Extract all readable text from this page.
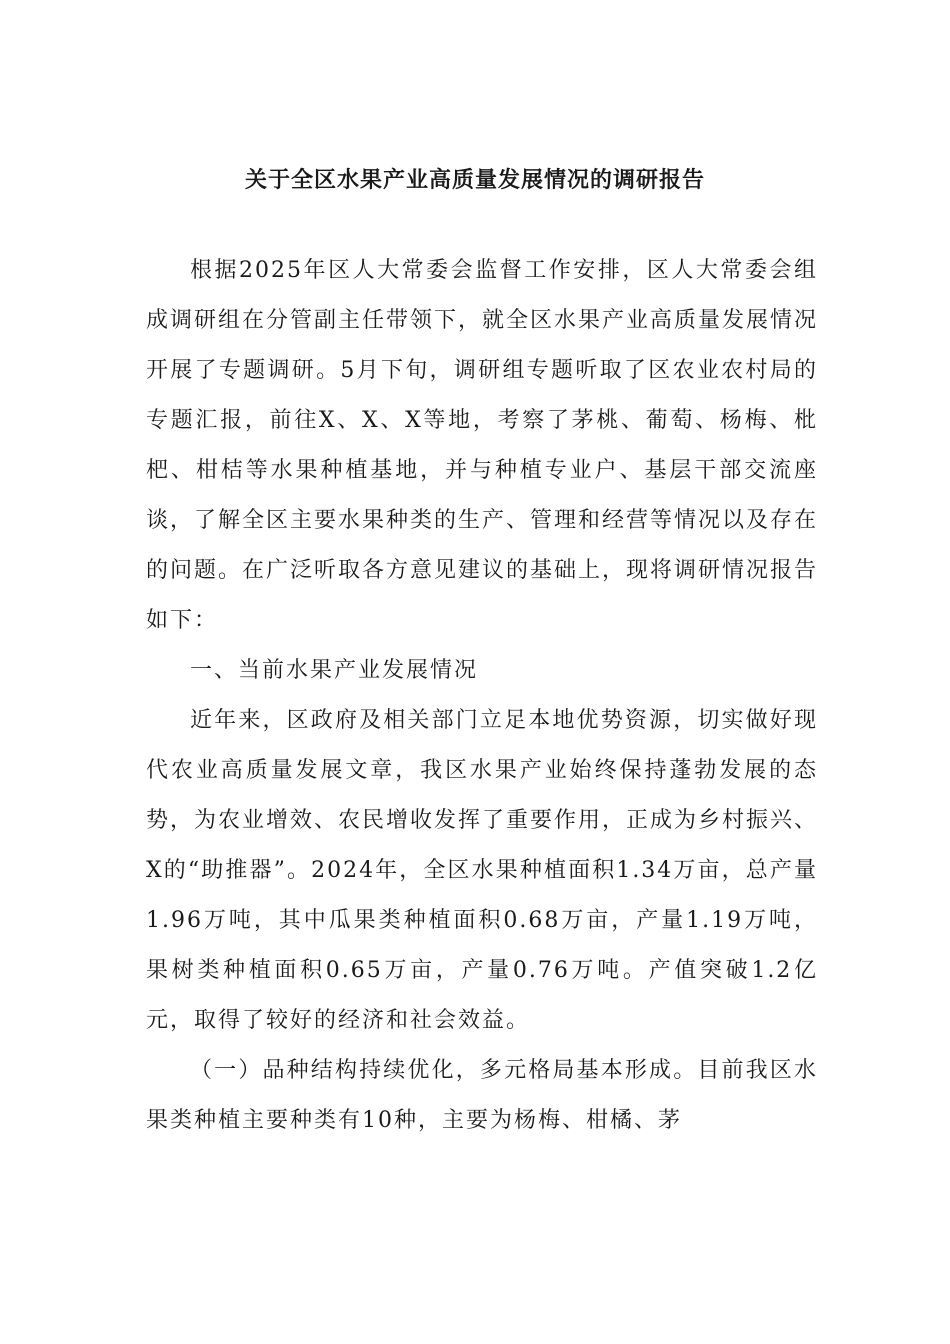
关于全区水果产业高质量发展情况的调研报告

根据2025年区人大常委会监督工作安排，区人大常委会组成调研组在分管副主任带领下，就全区水果产业高质量发展情况开展了专题调研。5月下旬，调研组专题听取了区农业农村局的专题汇报，前往X、X、X等地，考察了茅桃、葡萄、杨梅、枇杷、柑桔等水果种植基地，并与种植专业户、基层干部交流座谈，了解全区主要水果种类的生产、管理和经营等情况以及存在的问题。在广泛听取各方意见建议的基础上，现将调研情况报告如下：

一、当前水果产业发展情况

近年来，区政府及相关部门立足本地优势资源，切实做好现代农业高质量发展文章，我区水果产业始终保持蓬勃发展的态势，为农业增效、农民增收发挥了重要作用，正成为乡村振兴、X的“助推器”。2024年，全区水果种植面积1.34万亩，总产量1.96万吨，其中瓜果类种植面积0.68万亩，产量1.19万吨，果树类种植面积0.65万亩，产量0.76万吨。产值突破1.2亿元，取得了较好的经济和社会效益。

（一）品种结构持续优化，多元格局基本形成。目前我区水果类种植主要种类有10种，主要为杨梅、柑橘、茅
